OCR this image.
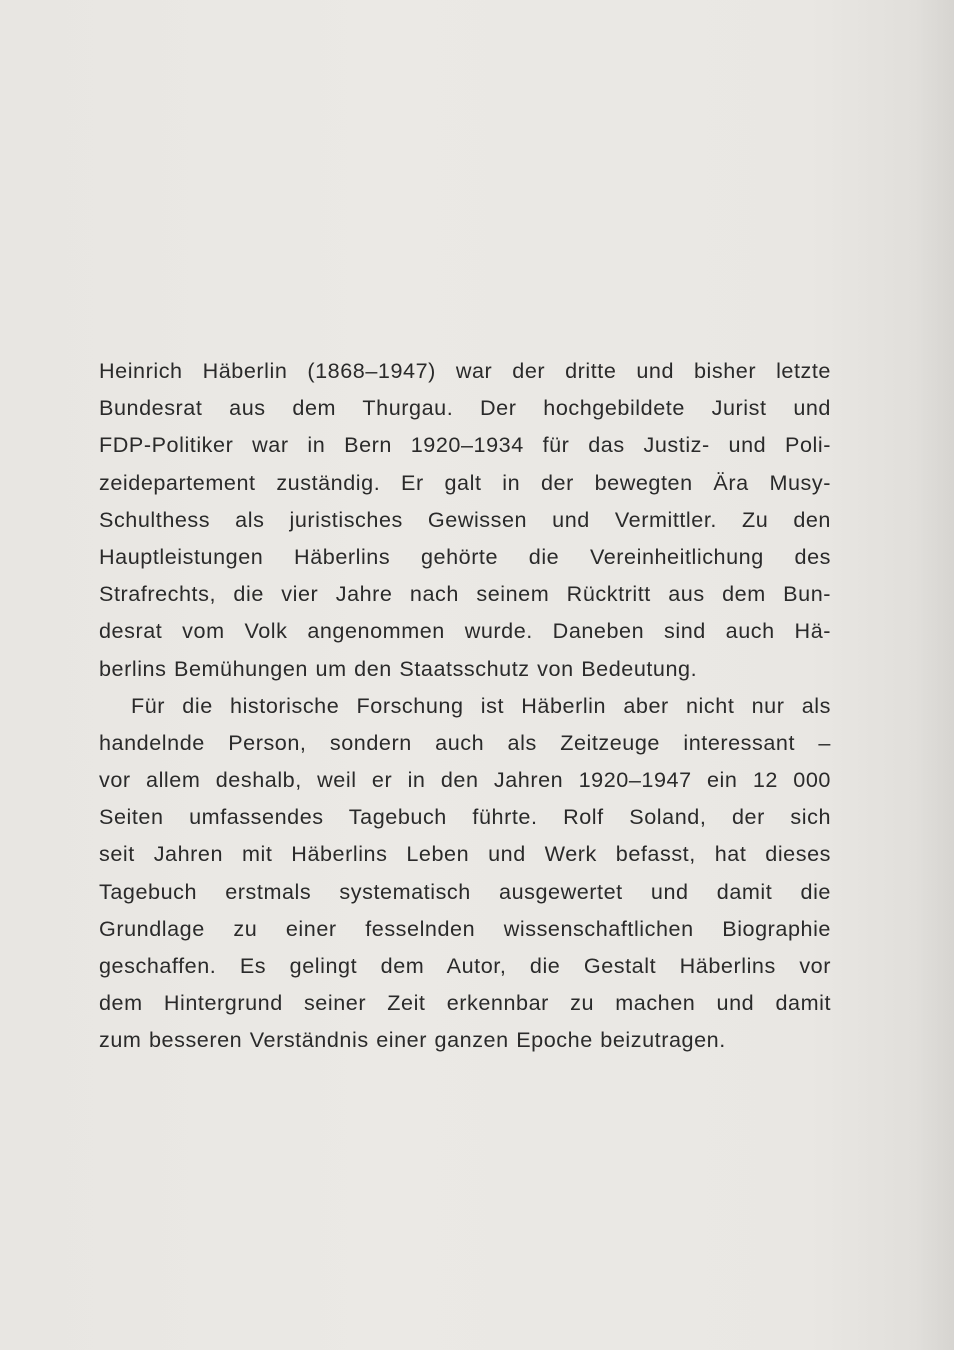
Heinrich Häberlin (1868–1947) war der dritte und bisher letzte
Bundesrat aus dem Thurgau. Der hochgebildete Jurist und
FDP-Politiker war in Bern 1920–1934 für das Justiz- und Poli-
zeidepartement zuständig. Er galt in der bewegten Ära Musy-
Schulthess als juristisches Gewissen und Vermittler. Zu den
Hauptleistungen Häberlins gehörte die Vereinheitlichung des
Strafrechts, die vier Jahre nach seinem Rücktritt aus dem Bun-
desrat vom Volk angenommen wurde. Daneben sind auch Hä-
berlins Bemühungen um den Staatsschutz von Bedeutung.
Für die historische Forschung ist Häberlin aber nicht nur als
handelnde Person, sondern auch als Zeitzeuge interessant –
vor allem deshalb, weil er in den Jahren 1920–1947 ein 12 000
Seiten umfassendes Tagebuch führte. Rolf Soland, der sich
seit Jahren mit Häberlins Leben und Werk befasst, hat dieses
Tagebuch erstmals systematisch ausgewertet und damit die
Grundlage zu einer fesselnden wissenschaftlichen Biographie
geschaffen. Es gelingt dem Autor, die Gestalt Häberlins vor
dem Hintergrund seiner Zeit erkennbar zu machen und damit
zum besseren Verständnis einer ganzen Epoche beizutragen.
